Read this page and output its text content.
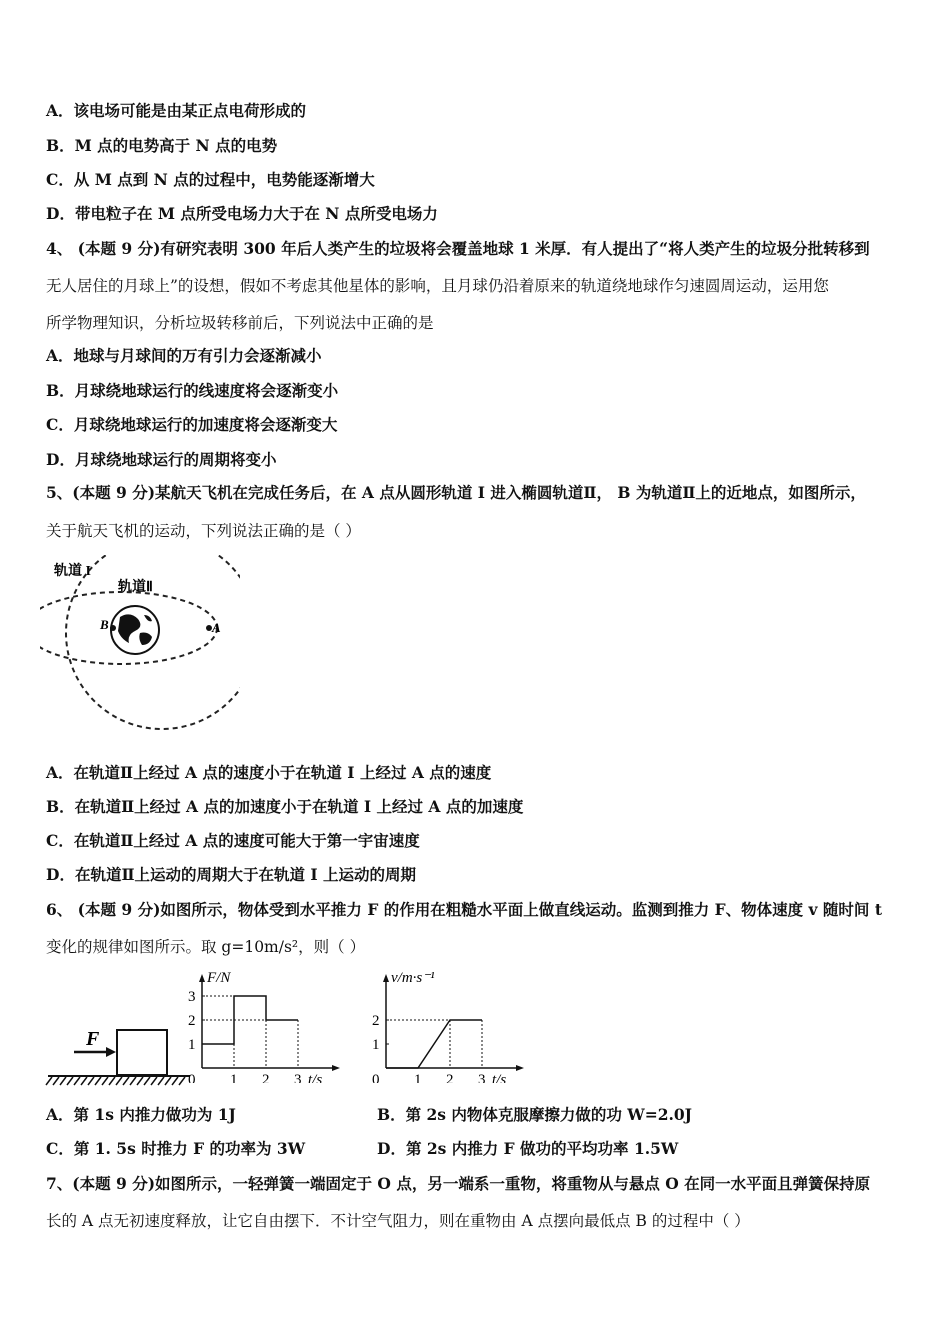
A．该电场可能是由某正点电荷形成的
B．M 点的电势高于 N 点的电势
C．从 M 点到 N 点的过程中，电势能逐渐增大
D．带电粒子在 M 点所受电场力大于在 N 点所受电场力
4、 (本题 9 分)有研究表明 300 年后人类产生的垃圾将会覆盖地球 1 米厚．有人提出了“将人类产生的垃圾分批转移到
无人居住的月球上”的设想，假如不考虑其他星体的影响，且月球仍沿着原来的轨道绕地球作匀速圆周运动，运用您
所学物理知识，分析垃圾转移前后，下列说法中正确的是
A．地球与月球间的万有引力会逐渐减小
B．月球绕地球运行的线速度将会逐渐变小
C．月球绕地球运行的加速度将会逐渐变大
D．月球绕地球运行的周期将变小
5、(本题 9 分)某航天飞机在完成任务后，在 A 点从圆形轨道 I 进入椭圆轨道Ⅱ， B 为轨道Ⅱ上的近地点，如图所示，
关于航天飞机的运动，下列说法正确的是（ ）
轨道 I
轨道Ⅱ
B	A
A．在轨道Ⅱ上经过 A 点的速度小于在轨道 I 上经过 A 点的速度
B．在轨道Ⅱ上经过 A 点的加速度小于在轨道 I 上经过 A 点的加速度
C．在轨道Ⅱ上经过 A 点的速度可能大于第一宇宙速度
D．在轨道Ⅱ上运动的周期大于在轨道 I 上运动的周期
6、 (本题 9 分)如图所示，物体受到水平推力 F 的作用在粗糙水平面上做直线运动。监测到推力 F、物体速度 v 随时间 t
变化的规律如图所示。取 g=10m/s²，则（ ）
F
F/N
t/s
0 1 2 3
1
2
3
v/m·s⁻¹
t/s
0 1 2 3
1
2
A．第 1s 内推力做功为 1J	B．第 2s 内物体克服摩擦力做的功 W=2.0J
C．第 1. 5s 时推力 F 的功率为 3W	D．第 2s 内推力 F 做功的平均功率 1.5W
7、(本题 9 分)如图所示，一轻弹簧一端固定于 O 点，另一端系一重物，将重物从与悬点 O 在同一水平面且弹簧保持原
长的 A 点无初速度释放，让它自由摆下．不计空气阻力，则在重物由 A 点摆向最低点 B 的过程中（ ）
